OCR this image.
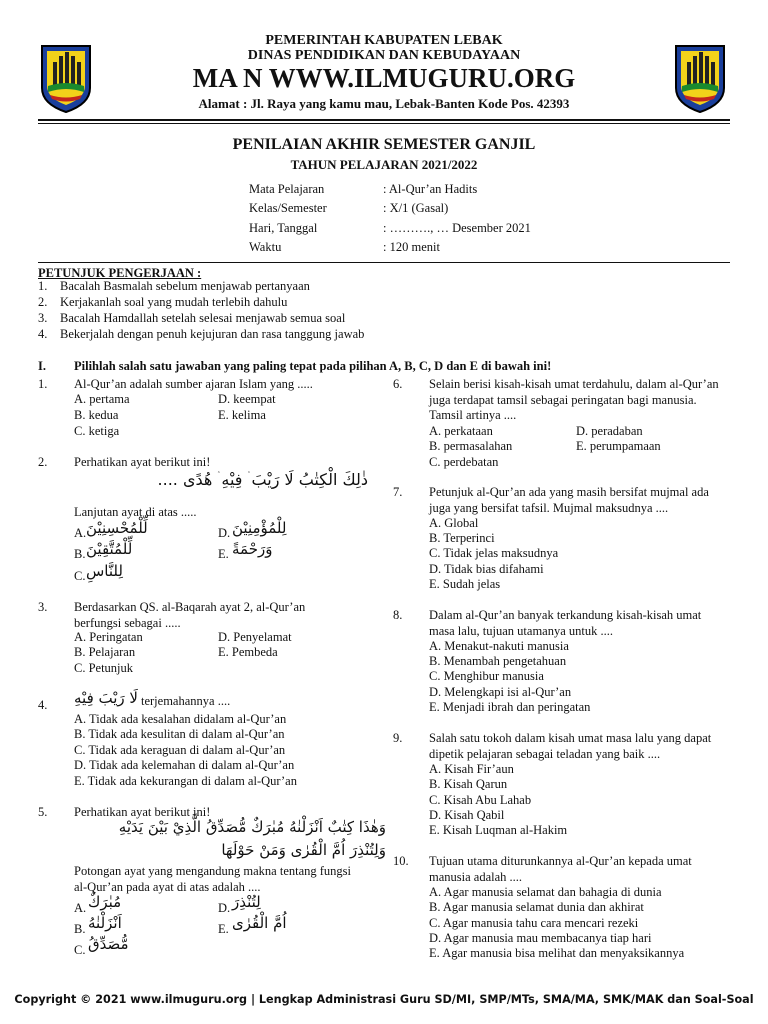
PEMERINTAH KABUPATEN LEBAK
DINAS PENDIDIKAN DAN KEBUDAYAAN
MA N WWW.ILMUGURU.ORG
Alamat : Jl. Raya yang kamu mau, Lebak-Banten Kode Pos. 42393
PENILAIAN AKHIR SEMESTER GANJIL
TAHUN PELAJARAN 2021/2022
Mata Pelajaran	: Al-Qur’an Hadits
Kelas/Semester	: X/1 (Gasal)
Hari, Tanggal	: ………., … Desember 2021
Waktu	: 120 menit
PETUNJUK PENGERJAAN :
1. Bacalah Basmalah sebelum menjawab pertanyaan
2. Kerjakanlah soal yang mudah terlebih dahulu
3. Bacalah Hamdallah setelah selesai menjawab semua soal
4. Bekerjalah dengan penuh kejujuran dan rasa tanggung jawab
I. Pilihlah salah satu jawaban yang paling tepat pada pilihan A, B, C, D dan E di bawah ini!
1. Al-Qur’an adalah sumber ajaran Islam yang .....
A. pertama
B. kedua
C. ketiga
D. keempat
E. kelima
2. Perhatikan ayat berikut ini!
ذٰلِكَ الْكِتٰبُ لَا رَيْبَ ۛ فِيْهِ ۛ هُدًى ....
Lanjutan ayat di atas .....
A. لِّلْمُحْسِنِيْنَ
B. لِّلْمُتَّقِيْنَ
C. لِلنَّاسِ
D. لِلْمُؤْمِنِيْنَ
E. وَرَحْمَةً
3. Berdasarkan QS. al-Baqarah ayat 2, al-Qur’an berfungsi sebagai .....
A. Peringatan
B. Pelajaran
C. Petunjuk
D. Penyelamat
E. Pembeda
4. لَا رَيْبَ فِيْهِ terjemahannya ....
A. Tidak ada kesalahan didalam al-Qur’an
B. Tidak ada kesulitan di dalam al-Qur’an
C. Tidak ada keraguan di dalam al-Qur’an
D. Tidak ada kelemahan di dalam al-Qur’an
E. Tidak ada kekurangan di dalam al-Qur’an
5. Perhatikan ayat berikut ini!
وَهٰذَا كِتٰبٌ اَنْزَلْنٰهُ مُبٰرَكٌ مُّصَدِّقُ الَّذِيْ بَيْنَ يَدَيْهِ
وَلِتُنْذِرَ اُمَّ الْقُرٰى وَمَنْ حَوْلَهَا
Potongan ayat yang mengandung makna tentang fungsi al-Qur’an pada ayat di atas adalah ....
A. مُبٰرَكٌ
B. اَنْزَلْنٰهُ
C. مُّصَدِّقُ
D. لِتُنْذِرَ
E. اُمَّ الْقُرٰى
6. Selain berisi kisah-kisah umat terdahulu, dalam al-Qur’an juga terdapat tamsil sebagai peringatan bagi manusia. Tamsil artinya ....
A. perkataan
B. permasalahan
C. perdebatan
D. peradaban
E. perumpamaan
7. Petunjuk al-Qur’an ada yang masih bersifat mujmal ada juga yang bersifat tafsil. Mujmal maksudnya ....
A. Global
B. Terperinci
C. Tidak jelas maksudnya
D. Tidak bias difahami
E. Sudah jelas
8. Dalam al-Qur’an banyak terkandung kisah-kisah umat masa lalu, tujuan utamanya untuk ....
A. Menakut-nakuti manusia
B. Menambah pengetahuan
C. Menghibur manusia
D. Melengkapi isi al-Qur’an
E. Menjadi ibrah dan peringatan
9. Salah satu tokoh dalam kisah umat masa lalu yang dapat dipetik pelajaran sebagai teladan yang baik ....
A. Kisah Fir’aun
B. Kisah Qarun
C. Kisah Abu Lahab
D. Kisah Qabil
E. Kisah Luqman al-Hakim
10. Tujuan utama diturunkannya al-Qur’an kepada umat manusia adalah ....
A. Agar manusia selamat dan bahagia di dunia
B. Agar manusia selamat dunia dan akhirat
C. Agar manusia tahu cara mencari rezeki
D. Agar manusia mau membacanya tiap hari
E. Agar manusia bisa melihat dan menyaksikannya
Copyright © 2021 www.ilmuguru.org | Lengkap Administrasi Guru SD/MI, SMP/MTs, SMA/MA, SMK/MAK dan Soal-Soal
